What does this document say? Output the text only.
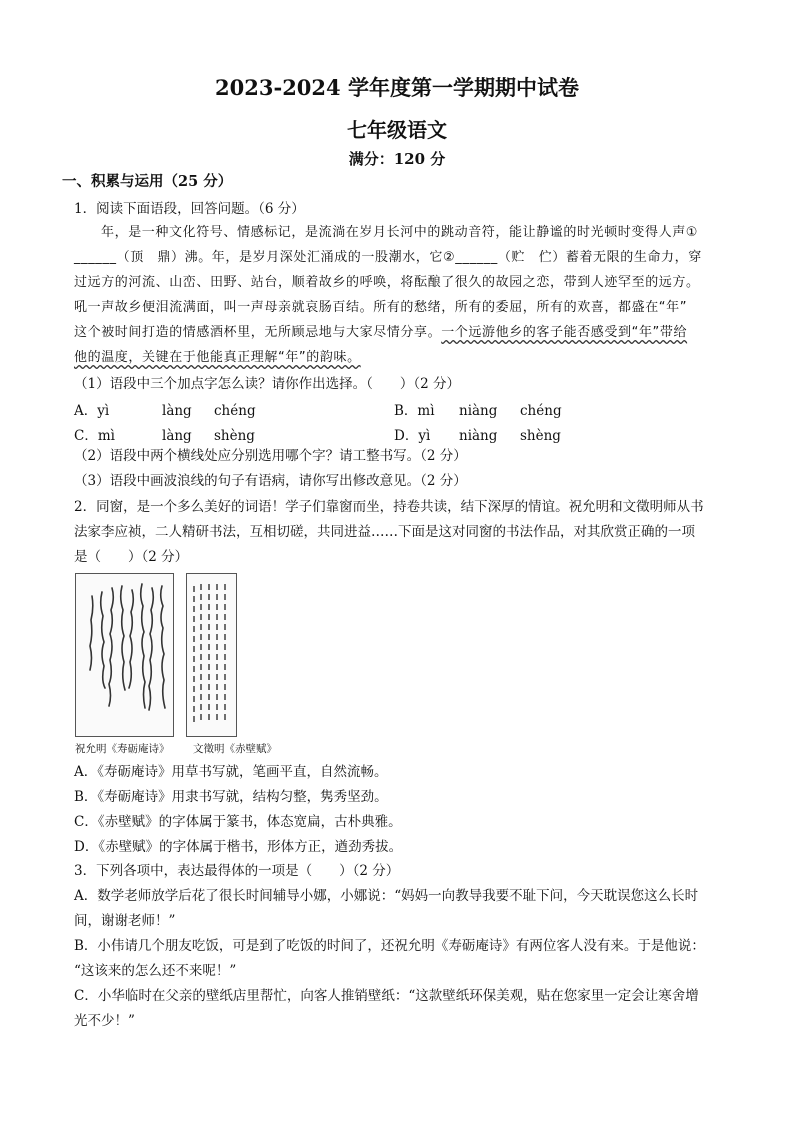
2023-2024 学年度第一学期期中试卷
七年级语文
满分：120 分
一、积累与运用（25 分）
1．阅读下面语段，回答问题。（6 分）
年，是一种文化符号、情感标记，是流淌在岁月长河中的跳动音符，能让静谧的时光顿时变得人声①
______（顶　鼎）沸。年，是岁月深处汇涌成的一股潮水，它②______（贮　伫）蓄着无限的生命力，穿
过远方的河流、山峦、田野、站台，顺着故乡的呼唤，将酝酿了很久的故园之恋，带到人迹罕至的远方。
吼一声故乡便泪流满面，叫一声母亲就哀肠百结。所有的愁绪，所有的委屈，所有的欢喜，都盛在“年”
这个被时间打造的情感酒杯里，无所顾忌地与大家尽情分享。一个远游他乡的客子能否感受到“年”带给
他的温度，关键在于他能真正理解“年”的韵味。
（1）语段中三个加点字怎么读？请你作出选择。（　　）（2 分）
A．yì	làng chéng	B．mì niàng chéng
C．mì	làng shèng	D．yì niàng shèng
（2）语段中两个横线处应分别选用哪个字？请工整书写。（2 分）
（3）语段中画波浪线的句子有语病，请你写出修改意见。（2 分）
2．同窗，是一个多么美好的词语！学子们靠窗而坐，持卷共读，结下深厚的情谊。祝允明和文徵明师从书
法家李应祯，二人精研书法，互相切磋，共同进益……下面是这对同窗的书法作品，对其欣赏正确的一项
是（　　）（2 分）
祝允明《寿砺庵诗》 文徵明《赤壁赋》
A．《寿砺庵诗》用草书写就，笔画平直，自然流畅。
B．《寿砺庵诗》用隶书写就，结构匀整，隽秀坚劲。
C．《赤壁赋》的字体属于篆书，体态宽扁，古朴典雅。
D．《赤壁赋》的字体属于楷书，形体方正，遒劲秀拔。
3．下列各项中，表达最得体的一项是（　　）（2 分）
A．数学老师放学后花了很长时间辅导小娜，小娜说：“妈妈一向教导我要不耻下问，今天耽误您这么长时
间，谢谢老师！”
B．小伟请几个朋友吃饭，可是到了吃饭的时间了，还祝允明《寿砺庵诗》有两位客人没有来。于是他说：
“这该来的怎么还不来呢！”
C．小华临时在父亲的壁纸店里帮忙，向客人推销壁纸：“这款壁纸环保美观，贴在您家里一定会让寒舍增
光不少！”
